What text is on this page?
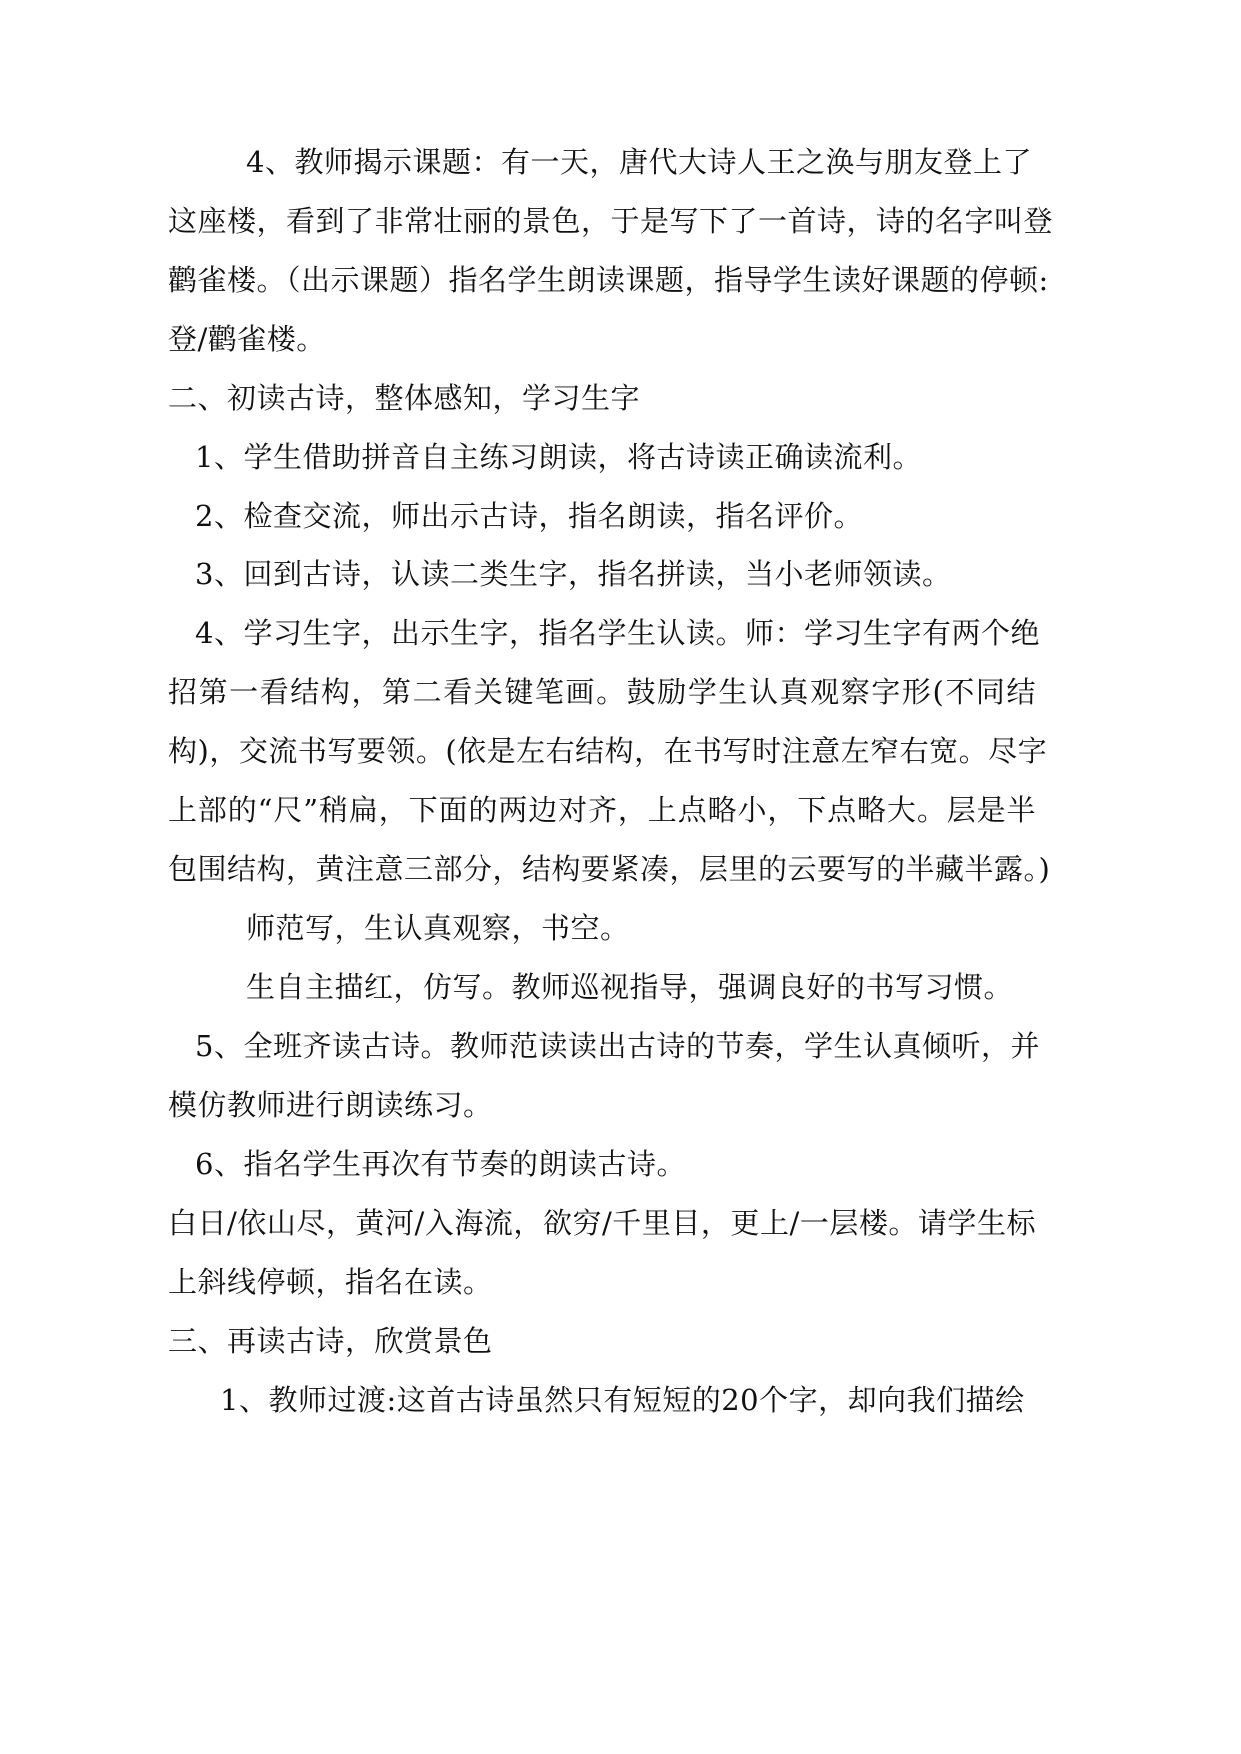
4、教师揭示课题：有一天，唐代大诗人王之涣与朋友登上了
这座楼，看到了非常壮丽的景色，于是写下了一首诗，诗的名字叫登
鹳雀楼。（出示课题）指名学生朗读课题，指导学生读好课题的停顿:
登/鹳雀楼。
二、初读古诗，整体感知，学习生字
1、学生借助拼音自主练习朗读，将古诗读正确读流利。
2、检查交流，师出示古诗，指名朗读，指名评价。
3、回到古诗，认读二类生字，指名拼读，当小老师领读。
4、学习生字，出示生字，指名学生认读。师：学习生字有两个绝
招第一看结构，第二看关键笔画。鼓励学生认真观察字形(不同结
构)，交流书写要领。(依是左右结构，在书写时注意左窄右宽。尽字
上部的“尺”稍扁，下面的两边对齐，上点略小，下点略大。层是半
包围结构，黄注意三部分，结构要紧凑，层里的云要写的半藏半露。)
师范写，生认真观察，书空。
生自主描红，仿写。教师巡视指导，强调良好的书写习惯。
5、全班齐读古诗。教师范读读出古诗的节奏，学生认真倾听，并
模仿教师进行朗读练习。
6、指名学生再次有节奏的朗读古诗。
白日/依山尽，黄河/入海流，欲穷/千里目，更上/一层楼。请学生标
上斜线停顿，指名在读。
三、再读古诗，欣赏景色
1、教师过渡:这首古诗虽然只有短短的20个字，却向我们描绘
